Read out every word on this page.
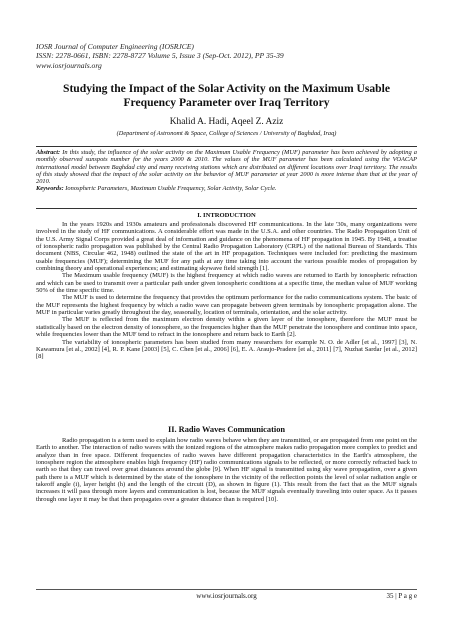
IOSR Journal of Computer Engineering (IOSRJCE)
ISSN: 2278-0661, ISBN: 2278-8727 Volume 5, Issue 3 (Sep-Oct. 2012), PP 35-39
www.iosrjournals.org
Studying the Impact of the Solar Activity on the Maximum Usable Frequency Parameter over Iraq Territory
Khalid A. Hadi, Aqeel Z. Aziz
(Department of Astronomt & Space, College of Sciences / University of Baghdad, Iraq)

Abstract: In this study, the influence of the solar activity on the Maximum Usable Frequency (MUF) parameter has been achieved by adopting a monthly observed sunspots number for the years 2000 & 2010. The values of the MUF parameter has been calculated using the VOACAP international model between Baghdad city and many receiving stations which are distributed on different locations over Iraqi territory. The results of this study showed that the impact of the solar activity on the behavior of MUF parameter at year 2000 is more intense than that at the year of 2010.

Keywords: Ionospheric Parameters, Maximum Usable Frequency, Solar Activity, Solar Cycle.

I. INTRODUCTION

In the years 1920s and 1930s amateurs and professionals discovered HF communications. In the late '30s, many organizations were involved in the study of HF communications. A considerable effort was made in the U.S.A. and other countries. The Radio Propagation Unit of the U.S. Army Signal Corps provided a great deal of information and guidance on the phenomena of HF propagation in 1945. By 1948, a treatise of ionospheric radio propagation was published by the Central Radio Propagation Laboratory (CRPL) of the national Bureau of Standards. This document (NBS, Circular 462, 1948) outlined the state of the art in HF propagation. Techniques were included for: predicting the maximum usable frequencies (MUF); determining the MUF for any path at any time taking into account the various possible modes of propagation by combining theory and operational experiences; and estimating skywave field strength [1].

The Maximum usable frequency (MUF) is the highest frequency at which radio waves are returned to Earth by ionospheric refraction and which can be used to transmit over a particular path under given ionospheric conditions at a specific time, the median value of MUF working 50% of the time specific time.

The MUF is used to determine the frequency that provides the optimum performance for the radio communications system. The basic of the MUF represents the highest frequency by which a radio wave can propagate between given terminals by ionospheric propagation alone. The MUF in particular varies greatly throughout the day, seasonally, location of terminals, orientation, and the solar activity.

The MUF is reflected from the maximum electron density within a given layer of the ionosphere, therefore the MUF must be statistically based on the electron density of ionosphere, so the frequencies higher than the MUF penetrate the ionosphere and continue into space, while frequencies lower than the MUF tend to refract in the ionosphere and return back to Earth [2].

The variability of ionospheric parameters has been studied from many researchers for example N. O. de Adler [et al., 1997] [3], N. Kawamura [et al., 2002] [4], R. P. Kane [2003] [5], C. Chen [et al., 2006] [6], E. A. Araujo-Pradere [et al., 2011] [7], Nuzhat Sardar [et al., 2012] [8]

II. Radio Waves Communication

Radio propagation is a term used to explain how radio waves behave when they are transmitted, or are propagated from one point on the Earth to another. The interaction of radio waves with the ionized regions of the atmosphere makes radio propagation more complex to predict and analyze than in free space. Different frequencies of radio waves have different propagation characteristics in the Earth's atmosphere, the ionosphere region the atmosphere enables high frequency (HF) radio communications signals to be reflected, or more correctly refracted back to earth so that they can travel over great distances around the globe [9]. When HF signal is transmitted using sky wave propagation, over a given path there is a MUF which is determined by the state of the ionosphere in the vicinity of the reflection points the level of solar radiation angle or takeoff angle (i), layer height (h) and the length of the circuit (D), as shown in figure (1). This result from the fact that as the MUF signals increases it will pass through more layers and communication is lost, because the MUF signals eventually traveling into outer space. As it passes through one layer it may be that then propagates over a greater distance than is required [10].

www.iosrjournals.org	35 | P a g e
